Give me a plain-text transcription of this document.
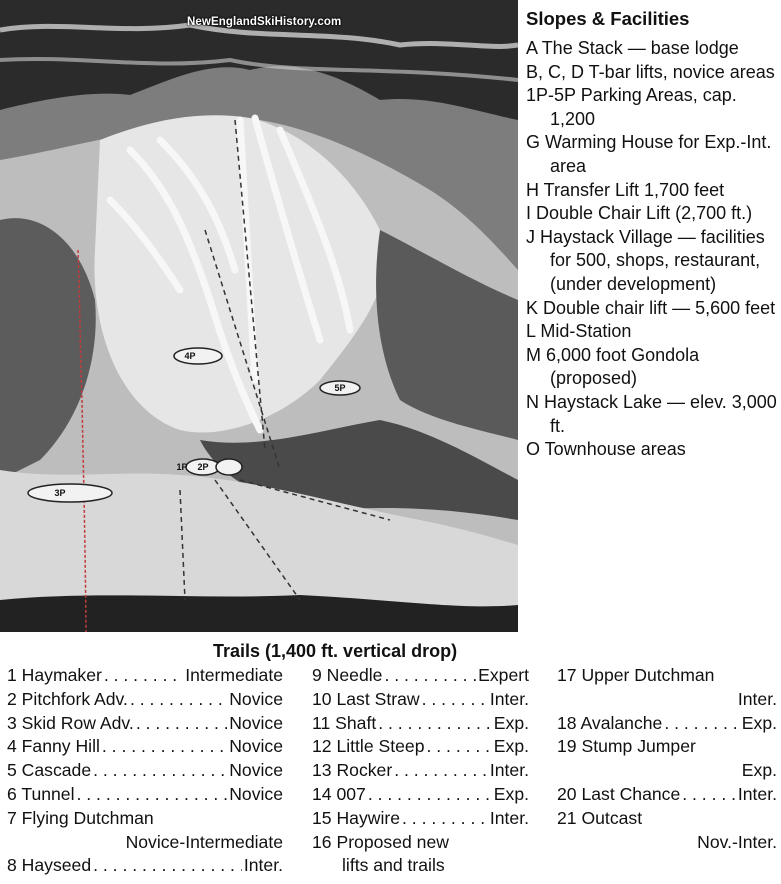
4P
5P
1P 2P
3P
NewEnglandSkiHistory.com	Slopes & Facilities
A The Stack — base lodge
B, C, D T-bar lifts, novice areas
1P-5P Parking Areas, cap. 1,200
G Warming House for Exp.-Int. area
H Transfer Lift 1,700 feet
I Double Chair Lift (2,700 ft.)
J Haystack Village — facilities for 500, shops, restaurant, (under development)
K Double chair lift — 5,600 feet
L Mid-Station
M 6,000 foot Gondola (proposed)
N Haystack Lake — elev. 3,000 ft.
O Townhouse areas
Trails (1,400 ft. vertical drop)
1 Haymaker . . .	Intermediate
2 Pitchfork Adv. . . .	Novice
3 Skid Row Adv. . . .	Novice
4 Fanny Hill . . .	Novice
5 Cascade . . .	Novice
6 Tunnel . . .	Novice
7 Flying Dutchman
Novice-Intermediate
8 Hayseed . . .	Inter.
9 Needle . . .	Expert
10 Last Straw . . .	Inter.
11 Shaft . . .	Exp.
12 Little Steep . . .	Exp.
13 Rocker . . .	Inter.
14 007 . . .	Exp.
15 Haywire . . .	Inter.
16 Proposed new
lifts and trails
17 Upper Dutchman
Inter.
18 Avalanche . . .	Exp.
19 Stump Jumper
Exp.
20 Last Chance . . .	Inter.
21 Outcast
Nov.-Inter.
